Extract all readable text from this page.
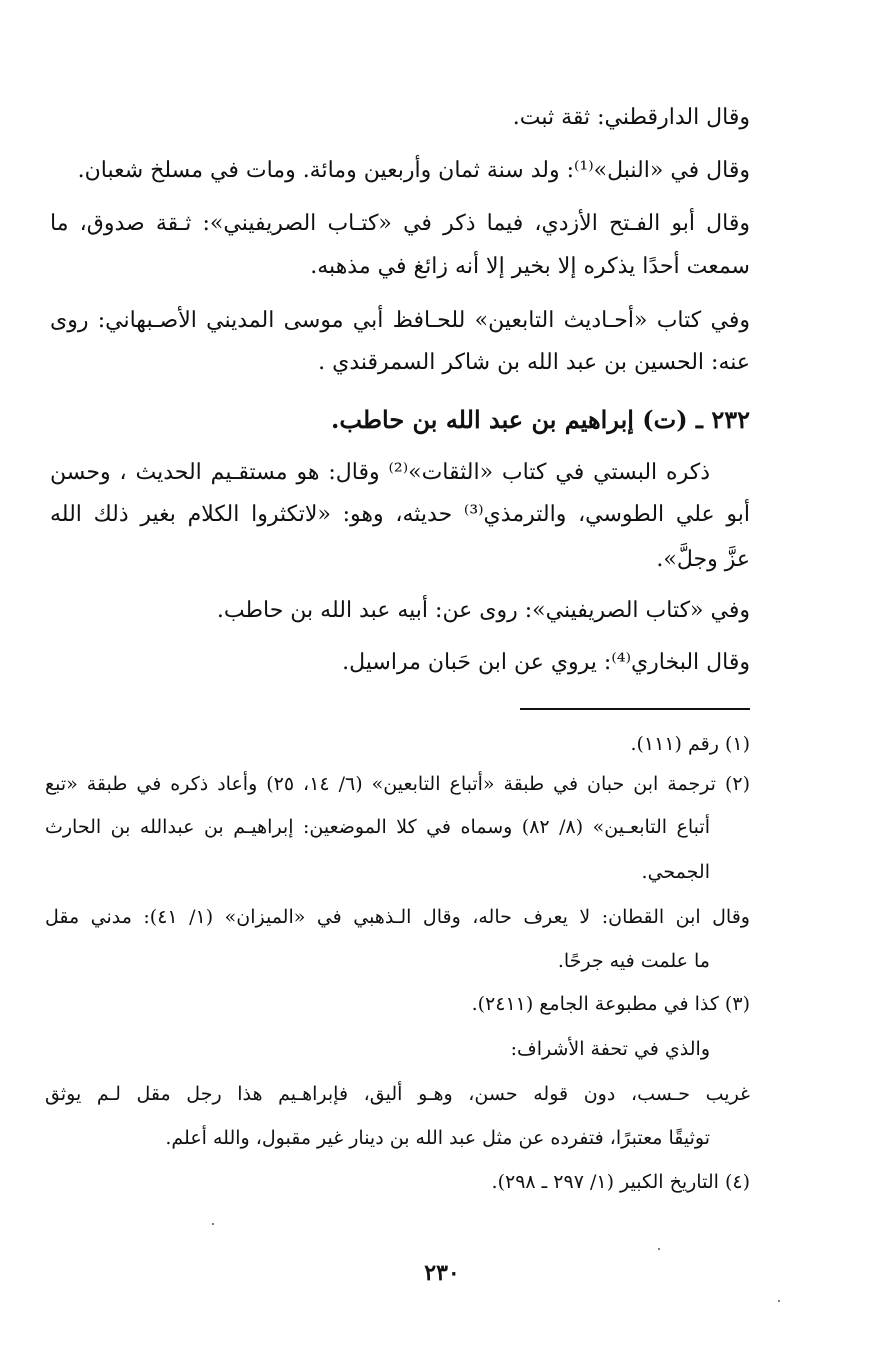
وقال الدارقطني: ثقة ثبت.
وقال في «النبل»⁽¹⁾: ولد سنة ثمان وأربعين ومائة. ومات في مسلخ شعبان.
وقال أبو الفـتح الأزدي، فيما ذكر في «كتـاب الصريفيني»: ثـقة صدوق، ما
سمعت أحدًا يذكره إلا بخير إلا أنه زائغ في مذهبه.
وفي كتاب «أحـاديث التابعين» للحـافظ أبي موسى المديني الأصـبهاني: روى
عنه: الحسين بن عبد الله بن شاكر السمرقندي .
٢٣٢ ـ (ت) إبراهيم بن عبد الله بن حاطب.
ذكره البستي في كتاب «الثقات»⁽²⁾ وقال: هو مستقـيم الحديث ، وحسن
أبو علي الطوسي، والترمذي⁽³⁾ حديثه، وهو: «لاتكثروا الكلام بغير ذلك الله
عزَّ وجلَّ».
وفي «كتاب الصريفيني»: روى عن: أبيه عبد الله بن حاطب.
وقال البخاري⁽⁴⁾: يروي عن ابن حَبان مراسيل.
(١) رقم (١١١).
(٢) ترجمة ابن حبان في طبقة «أتباع التابعين» (٦/ ١٤، ٢٥) وأعاد ذكره في طبقة «تبع
أتباع التابعـين» (٨/ ٨٢) وسماه في كلا الموضعين: إبراهيـم بن عبدالله بن الحارث
الجمحي.
وقال ابن القطان: لا يعرف حاله، وقال الـذهبي في «الميزان» (١/ ٤١): مدني مقل
ما علمت فيه جرحًا.
(٣) كذا في مطبوعة الجامع (٢٤١١).
والذي في تحفة الأشراف:
غريب حـسب، دون قوله حسن، وهـو أليق، فإبراهـيم هذا رجل مقل لـم يوثق
توثيقًا معتبرًا، فتفرده عن مثل عبد الله بن دينار غير مقبول، والله أعلم.
(٤) التاريخ الكبير (١/ ٢٩٧ ـ ٢٩٨).
٢٣٠
